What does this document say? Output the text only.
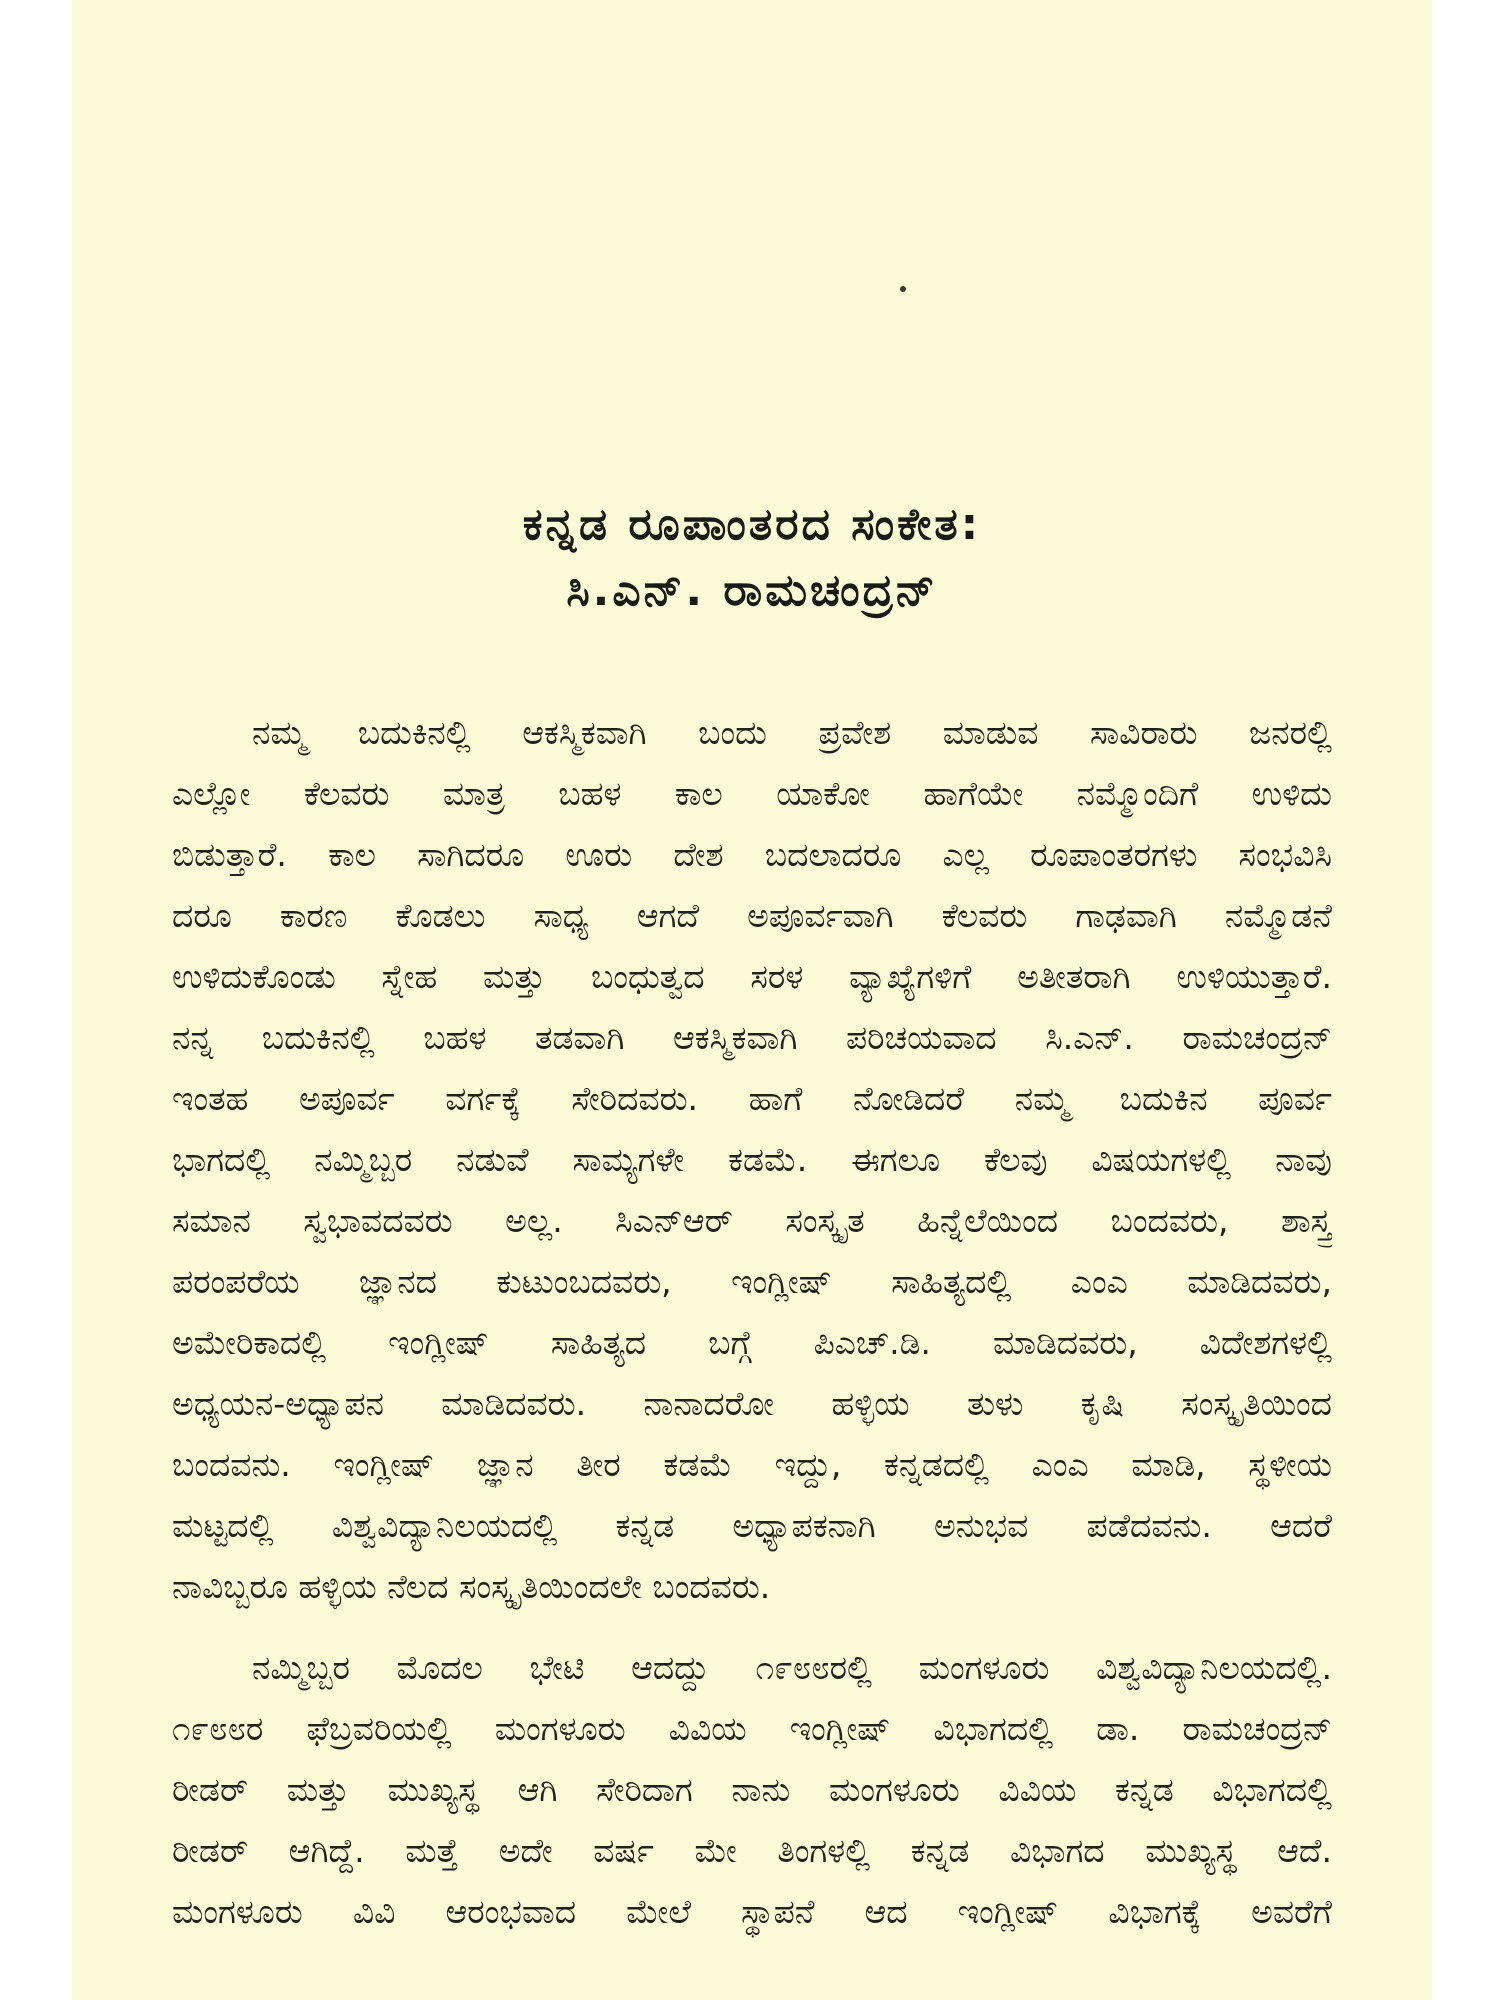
ಕನ್ನಡ ರೂಪಾಂತರದ ಸಂಕೇತ:

ಸಿ.ಎನ್. ರಾಮಚಂದ್ರನ್

ನಮ್ಮ ಬದುಕಿನಲ್ಲಿ ಆಕಸ್ಮಿಕವಾಗಿ ಬಂದು ಪ್ರವೇಶ ಮಾಡುವ ಸಾವಿರಾರು ಜನರಲ್ಲಿ
ಎಲ್ಲೋ ಕೆಲವರು ಮಾತ್ರ ಬಹಳ ಕಾಲ ಯಾಕೋ ಹಾಗೆಯೇ ನಮ್ಮೊಂದಿಗೆ ಉಳಿದು
ಬಿಡುತ್ತಾರೆ. ಕಾಲ ಸಾಗಿದರೂ ಊರು ದೇಶ ಬದಲಾದರೂ ಎಲ್ಲ ರೂಪಾಂತರಗಳು ಸಂಭವಿಸಿ
ದರೂ ಕಾರಣ ಕೊಡಲು ಸಾಧ್ಯ ಆಗದೆ ಅಪೂರ್ವವಾಗಿ ಕೆಲವರು ಗಾಢವಾಗಿ ನಮ್ಮೊಡನೆ
ಉಳಿದುಕೊಂಡು ಸ್ನೇಹ ಮತ್ತು ಬಂಧುತ್ವದ ಸರಳ ವ್ಯಾಖ್ಯೆಗಳಿಗೆ ಅತೀತರಾಗಿ ಉಳಿಯುತ್ತಾರೆ.
ನನ್ನ ಬದುಕಿನಲ್ಲಿ ಬಹಳ ತಡವಾಗಿ ಆಕಸ್ಮಿಕವಾಗಿ ಪರಿಚಯವಾದ ಸಿ.ಎನ್. ರಾಮಚಂದ್ರನ್
ಇಂತಹ ಅಪೂರ್ವ ವರ್ಗಕ್ಕೆ ಸೇರಿದವರು. ಹಾಗೆ ನೋಡಿದರೆ ನಮ್ಮ ಬದುಕಿನ ಪೂರ್ವ
ಭಾಗದಲ್ಲಿ ನಮ್ಮಿಬ್ಬರ ನಡುವೆ ಸಾಮ್ಯಗಳೇ ಕಡಮೆ. ಈಗಲೂ ಕೆಲವು ವಿಷಯಗಳಲ್ಲಿ ನಾವು
ಸಮಾನ ಸ್ವಭಾವದವರು ಅಲ್ಲ. ಸಿಎನ್ಆರ್ ಸಂಸ್ಕೃತ ಹಿನ್ನೆಲೆಯಿಂದ ಬಂದವರು, ಶಾಸ್ತ್ರ
ಪರಂಪರೆಯ ಜ್ಞಾನದ ಕುಟುಂಬದವರು, ಇಂಗ್ಲೀಷ್ ಸಾಹಿತ್ಯದಲ್ಲಿ ಎಂಎ ಮಾಡಿದವರು,
ಅಮೇರಿಕಾದಲ್ಲಿ ಇಂಗ್ಲೀಷ್ ಸಾಹಿತ್ಯದ ಬಗ್ಗೆ ಪಿಎಚ್.ಡಿ. ಮಾಡಿದವರು, ವಿದೇಶಗಳಲ್ಲಿ
ಅಧ್ಯಯನ-ಅಧ್ಯಾಪನ ಮಾಡಿದವರು. ನಾನಾದರೋ ಹಳ್ಳಿಯ ತುಳು ಕೃಷಿ ಸಂಸ್ಕೃತಿಯಿಂದ
ಬಂದವನು. ಇಂಗ್ಲೀಷ್ ಜ್ಞಾನ ತೀರ ಕಡಮೆ ಇದ್ದು, ಕನ್ನಡದಲ್ಲಿ ಎಂಎ ಮಾಡಿ, ಸ್ಥಳೀಯ
ಮಟ್ಟದಲ್ಲಿ ವಿಶ್ವವಿದ್ಯಾನಿಲಯದಲ್ಲಿ ಕನ್ನಡ ಅಧ್ಯಾಪಕನಾಗಿ ಅನುಭವ ಪಡೆದವನು. ಆದರೆ
ನಾವಿಬ್ಬರೂ ಹಳ್ಳಿಯ ನೆಲದ ಸಂಸ್ಕೃತಿಯಿಂದಲೇ ಬಂದವರು.
ನಮ್ಮಿಬ್ಬರ ಮೊದಲ ಭೇಟಿ ಆದದ್ದು ೧೯೮೮ರಲ್ಲಿ ಮಂಗಳೂರು ವಿಶ್ವವಿದ್ಯಾನಿಲಯದಲ್ಲಿ.
೧೯೮೮ರ ಫೆಬ್ರವರಿಯಲ್ಲಿ ಮಂಗಳೂರು ವಿವಿಯ ಇಂಗ್ಲೀಷ್ ವಿಭಾಗದಲ್ಲಿ ಡಾ. ರಾಮಚಂದ್ರನ್
ರೀಡರ್ ಮತ್ತು ಮುಖ್ಯಸ್ಥ ಆಗಿ ಸೇರಿದಾಗ ನಾನು ಮಂಗಳೂರು ವಿವಿಯ ಕನ್ನಡ ವಿಭಾಗದಲ್ಲಿ
ರೀಡರ್ ಆಗಿದ್ದೆ. ಮತ್ತೆ ಅದೇ ವರ್ಷ ಮೇ ತಿಂಗಳಲ್ಲಿ ಕನ್ನಡ ವಿಭಾಗದ ಮುಖ್ಯಸ್ಥ ಆದೆ.
ಮಂಗಳೂರು ವಿವಿ ಆರಂಭವಾದ ಮೇಲೆ ಸ್ಥಾಪನೆ ಆದ ಇಂಗ್ಲೀಷ್ ವಿಭಾಗಕ್ಕೆ ಅವರೆಗೆ
